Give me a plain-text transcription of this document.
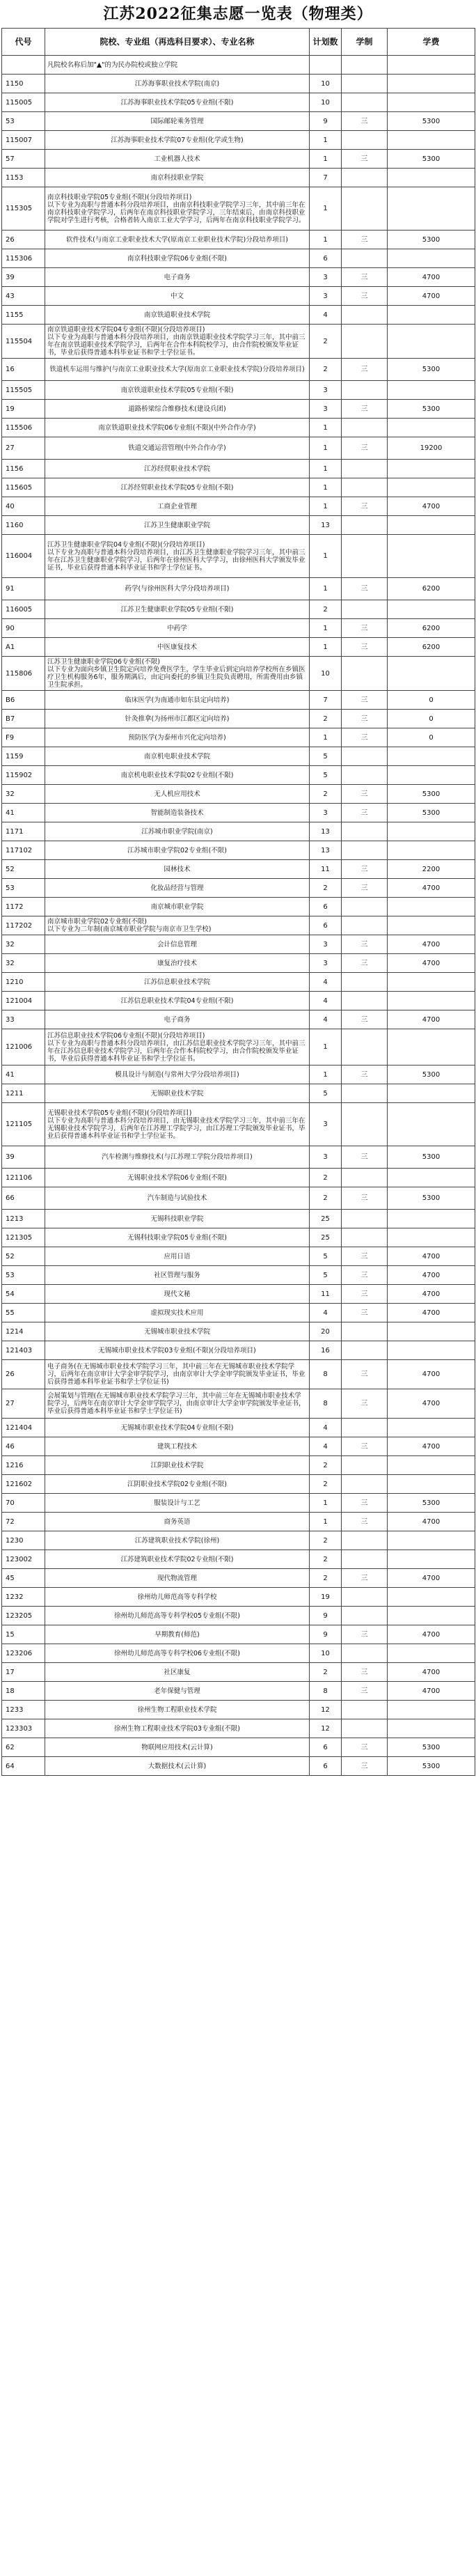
江苏2022征集志愿一览表（物理类）
代号	院校、专业组（再选科目要求）、专业名称	计划数	学制	学费
	凡院校名称后加"▲"的为民办院校或独立学院			
1150	江苏海事职业技术学院(南京)	10		
115005	江苏海事职业技术学院05专业组(不限)	10		
53	国际邮轮乘务管理	9	三	5300
115007	江苏海事职业技术学院07专业组(化学或生物)	1		
57	工业机器人技术	1	三	5300
1153	南京科技职业学院	7		
115305	南京科技职业学院05专业组(不限)(分段培养项目)
以下专业为高职与普通本科分段培养项目，由南京科技职业学院学习三年，其中前三年在南京科技职业学院学习，后两年在南京科技职业学院学习，三年结束后，由南京科技职业学院对学生进行考核，合格者转入南京工业大学学习，后两年在南京科技职业学院学习。	1		
26	软件技术(与南京工业职业技术大学(原南京工业职业技术学院)分段培养项目)	1	三	5300
115306	南京科技职业学院06专业组(不限)	6		
39	电子商务	3	三	4700
43	中文	3	三	4700
1155	南京铁道职业技术学院	4		
115504	南京铁道职业技术学院04专业组(不限)(分段培养项目)
以下专业为高职与普通本科分段培养项目，由南京铁道职业技术学院学习三年，其中前三年在南京铁道职业技术学院学习，后两年在合作本科院校学习，由合作院校颁发毕业证书，毕业后获得普通本科毕业证书和学士学位证书。	2		
16	铁道机车运用与维护(与南京工业职业技术大学(原南京工业职业技术学院)分段培养项目)	2	三	5300
115505	南京铁道职业技术学院05专业组(不限)	3		
19	道路桥梁综合维修技术(建设兵团)	3	三	5300
115506	南京铁道职业技术学院06专业组(不限)(中外合作办学)	1		
27	铁道交通运营管理(中外合作办学)	1	三	19200
1156	江苏经贸职业技术学院	1		
115605	江苏经贸职业技术学院05专业组(不限)	1		
40	工商企业管理	1	三	4700
1160	江苏卫生健康职业学院	13		
116004	江苏卫生健康职业学院04专业组(不限)(分段培养项目)
以下专业为高职与普通本科分段培养项目，由江苏卫生健康职业学院学习三年，其中前三年在江苏卫生健康职业学院学习，后两年在徐州医科大学学习，由徐州医科大学颁发毕业证书，毕业后获得普通本科毕业证书和学士学位证书。	1		
91	药学(与徐州医科大学分段培养项目)	1	三	6200
116005	江苏卫生健康职业学院05专业组(不限)	2		
90	中药学	1	三	6200
A1	中医康复技术	1	三	6200
115806	江苏卫生健康职业学院06专业组(不限)
以下专业为面向乡镇卫生院定向培养免费医学生，学生毕业后到定向培养学校所在乡镇医疗卫生机构服务6年，服务期满后，由定向委托的乡镇卫生院负责聘用，所需费用由乡镇卫生院承担。	10		
B6	临床医学(为南通市如东县定向培养)	7	三	0
B7	针灸推拿(为扬州市江都区定向培养)	2	三	0
F9	预防医学(为泰州市兴化定向培养)	1	三	0
1159	南京机电职业技术学院	5		
115902	南京机电职业技术学院02专业组(不限)	5		
32	无人机应用技术	2	三	5300
41	智能制造装备技术	3	三	5300
1171	江苏城市职业学院(南京)	13		
117102	江苏城市职业学院02专业组(不限)	13		
52	园林技术	11	三	2200
53	化妆品经营与管理	2	三	4700
1172	南京城市职业学院	6		
117202	南京城市职业学院02专业组(不限)
以下专业为二年制(南京城市职业学院与南京市卫生学校)	6		
32	会计信息管理	3	三	4700
32	康复治疗技术	3	三	4700
1210	江苏信息职业技术学院	4		
121004	江苏信息职业技术学院04专业组(不限)	4		
33	电子商务	4	三	4700
121006	江苏信息职业技术学院06专业组(不限)(分段培养项目)
以下专业为高职与普通本科分段培养项目，由江苏信息职业技术学院学习三年，其中前三年在江苏信息职业技术学院学习，后两年在合作本科院校学习，由合作院校颁发毕业证书，毕业后获得普通本科毕业证书和学士学位证书。	1		
41	模具设计与制造(与常州大学分段培养项目)	1	三	5300
1211	无锡职业技术学院	5		
121105	无锡职业技术学院05专业组(不限)(分段培养项目)
以下专业为高职与普通本科分段培养项目，由无锡职业技术学院学习三年，其中前三年在无锡职业技术学院学习，后两年在江苏理工学院学习，由江苏理工学院颁发毕业证书，毕业后获得普通本科毕业证书和学士学位证书。	3		
39	汽车检测与维修技术(与江苏理工学院分段培养项目)	3	三	5300
121106	无锡职业技术学院06专业组(不限)	2		
66	汽车制造与试验技术	2	三	5300
1213	无锡科技职业学院	25		
121305	无锡科技职业学院05专业组(不限)	25		
52	应用日语	5	三	4700
53	社区管理与服务	5	三	4700
54	现代文秘	11	三	4700
55	虚拟现实技术应用	4	三	4700
1214	无锡城市职业技术学院	20		
121403	无锡城市职业技术学院03专业组(不限)(分段培养项目)	16		
26	电子商务(在无锡城市职业技术学院学习三年，其中前三年在无锡城市职业技术学院学习，后两年在南京审计大学金审学院学习，由南京审计大学金审学院颁发毕业证书，毕业后获得普通本科毕业证书和学士学位证书)	8	三	4700
27	会展策划与管理(在无锡城市职业技术学院学习三年，其中前三年在无锡城市职业技术学院学习，后两年在南京审计大学金审学院学习，由南京审计大学金审学院颁发毕业证书，毕业后获得普通本科毕业证书和学士学位证书)	8	三	4700
121404	无锡城市职业技术学院04专业组(不限)	4		
46	建筑工程技术	4	三	4700
1216	江阴职业技术学院	2		
121602	江阴职业技术学院02专业组(不限)	2		
70	服装设计与工艺	1	三	5300
72	商务英语	1	三	4700
1230	江苏建筑职业技术学院(徐州)	2		
123002	江苏建筑职业技术学院02专业组(不限)	2		
45	现代物流管理	2	三	4700
1232	徐州幼儿师范高等专科学校	19		
123205	徐州幼儿师范高等专科学校05专业组(不限)	9		
15	早期教育(师范)	9	三	4700
123206	徐州幼儿师范高等专科学校06专业组(不限)	10		
17	社区康复	2	三	4700
18	老年保健与管理	8	三	4700
1233	徐州生物工程职业技术学院	12		
123303	徐州生物工程职业技术学院03专业组(不限)	12		
62	物联网应用技术(云计算)	6	三	5300
64	大数据技术(云计算)	6	三	5300
